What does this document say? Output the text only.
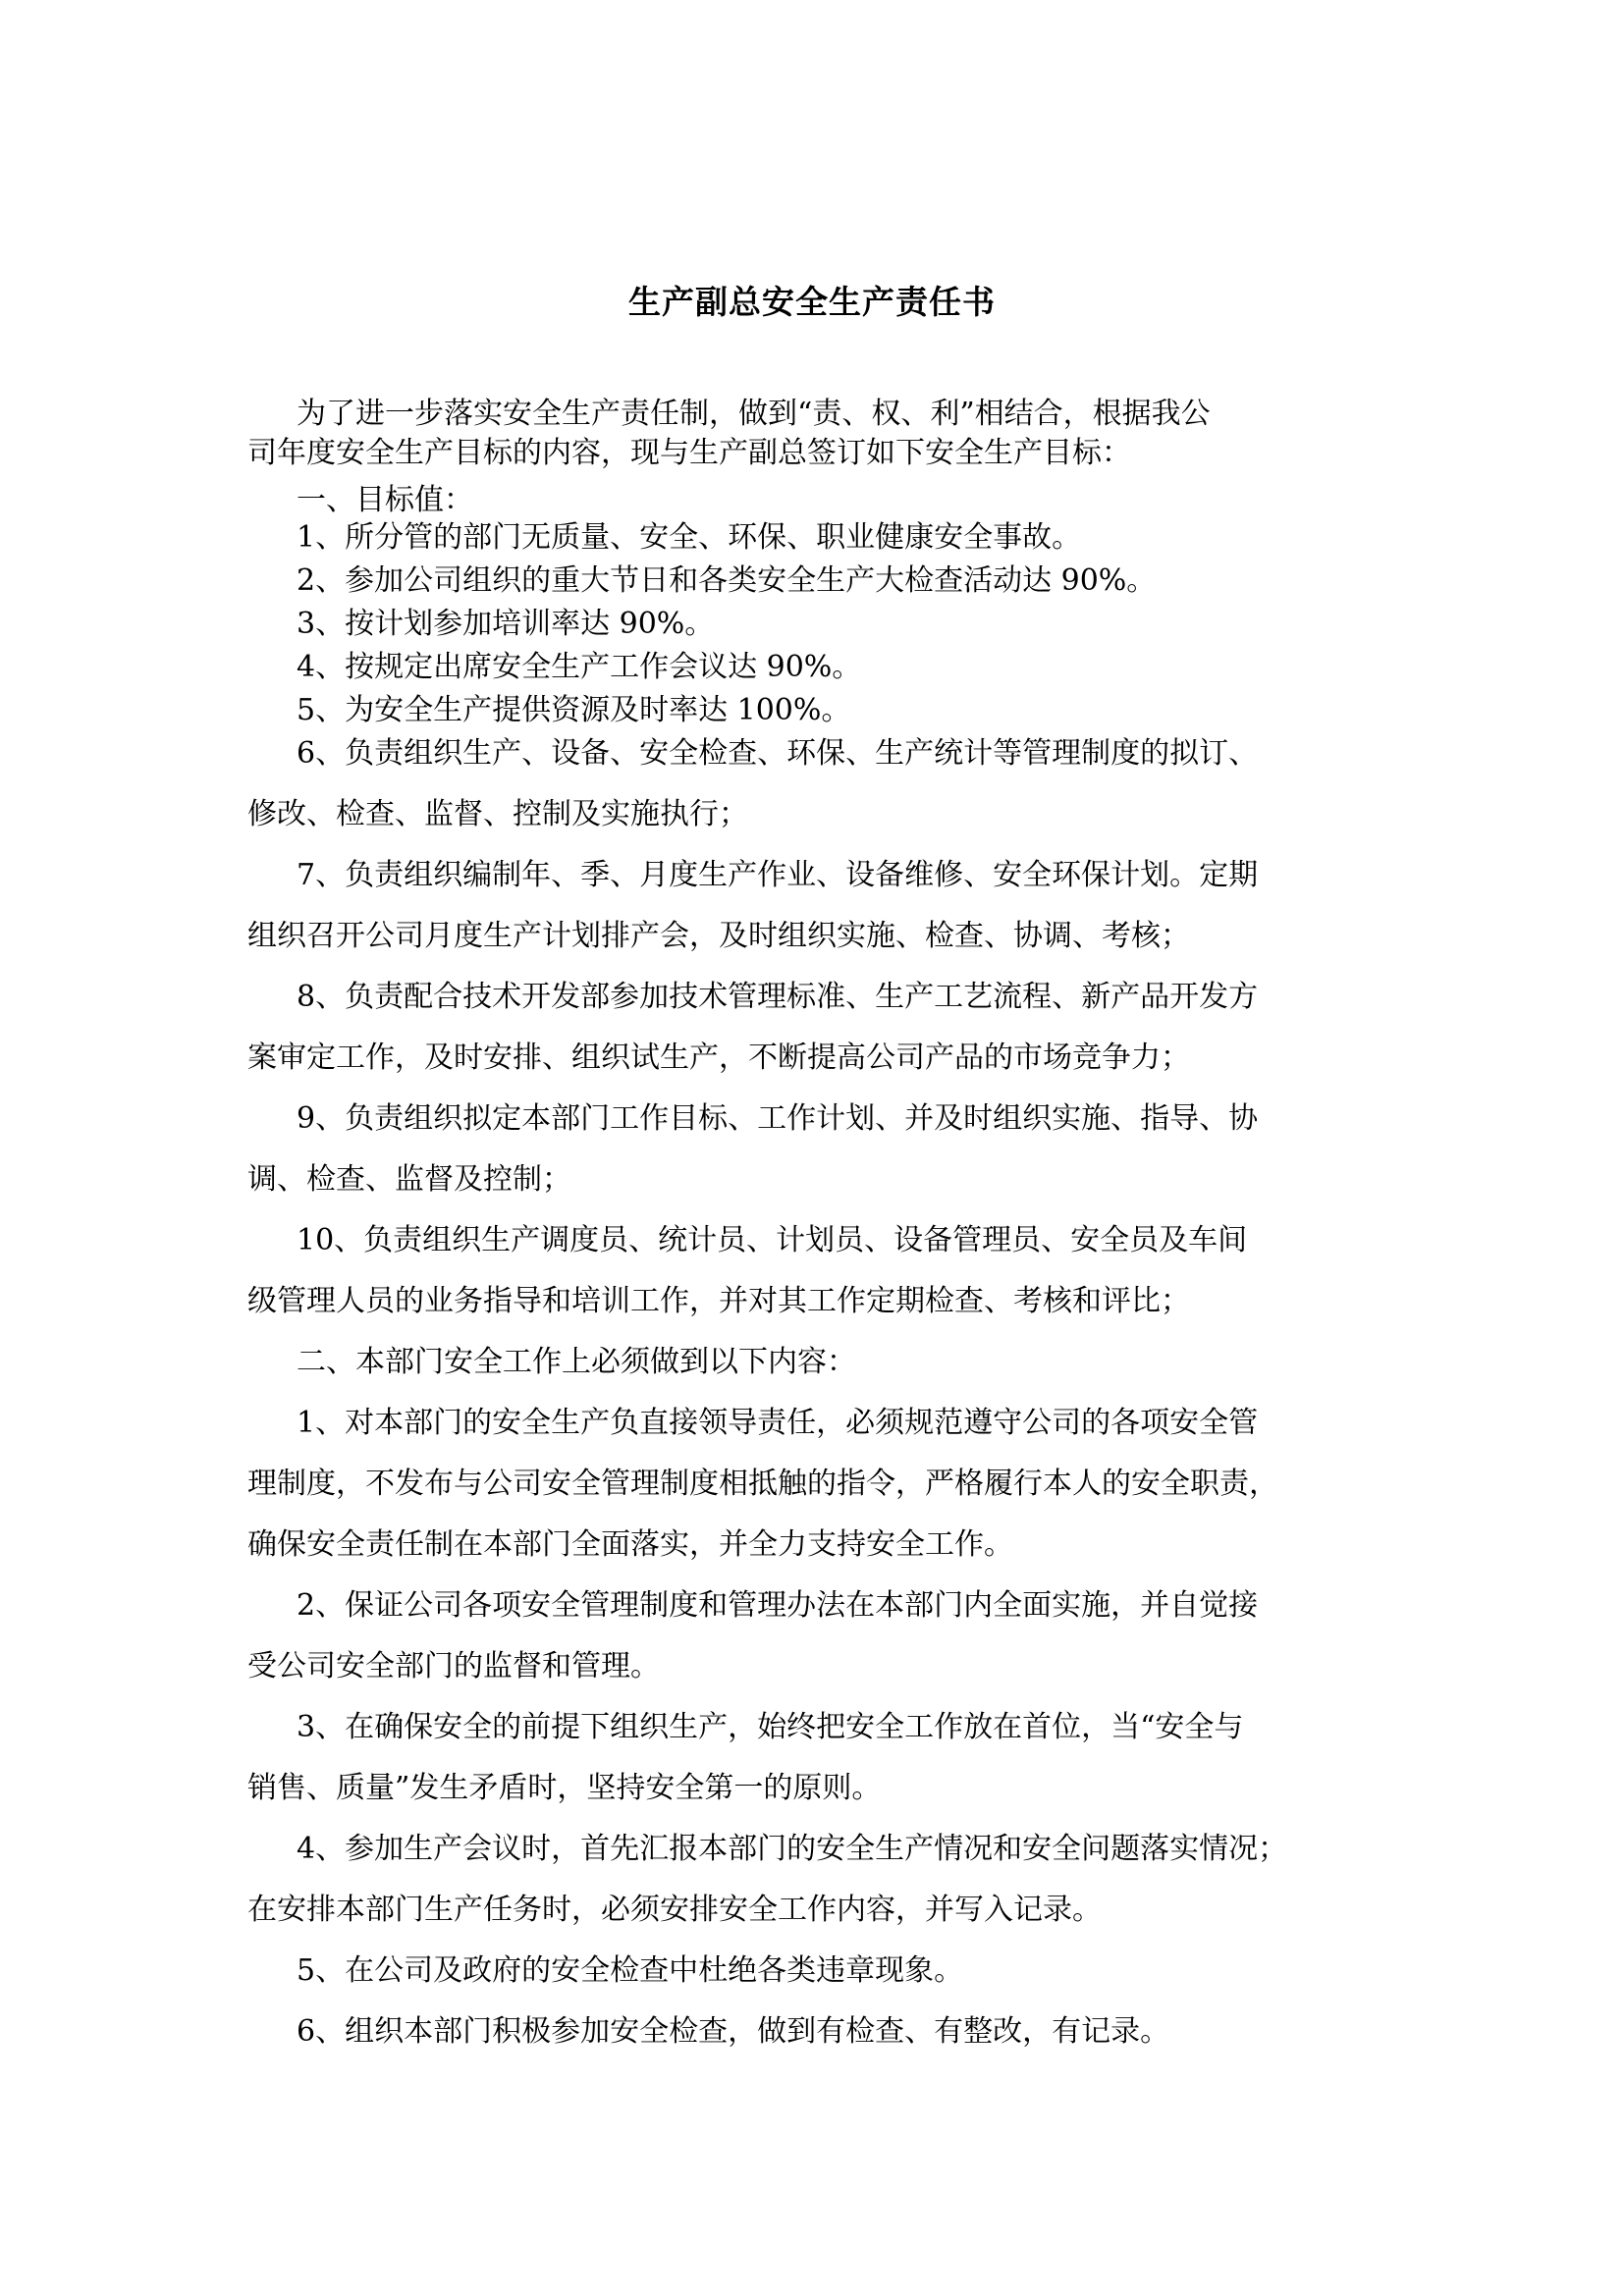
生产副总安全生产责任书
为了进一步落实安全生产责任制，做到“责、权、利”相结合，根据我公
司年度安全生产目标的内容，现与生产副总签订如下安全生产目标：
一、目标值：
1、所分管的部门无质量、安全、环保、职业健康安全事故。
2、参加公司组织的重大节日和各类安全生产大检查活动达 90%。
3、按计划参加培训率达 90%。
4、按规定出席安全生产工作会议达 90%。
5、为安全生产提供资源及时率达 100%。
6、负责组织生产、设备、安全检查、环保、生产统计等管理制度的拟订、
修改、检查、监督、控制及实施执行；
7、负责组织编制年、季、月度生产作业、设备维修、安全环保计划。定期
组织召开公司月度生产计划排产会，及时组织实施、检查、协调、考核；
8、负责配合技术开发部参加技术管理标准、生产工艺流程、新产品开发方
案审定工作，及时安排、组织试生产，不断提高公司产品的市场竞争力；
9、负责组织拟定本部门工作目标、工作计划、并及时组织实施、指导、协
调、检查、监督及控制；
10、负责组织生产调度员、统计员、计划员、设备管理员、安全员及车间
级管理人员的业务指导和培训工作，并对其工作定期检查、考核和评比；
二、本部门安全工作上必须做到以下内容：
1、对本部门的安全生产负直接领导责任，必须规范遵守公司的各项安全管
理制度，不发布与公司安全管理制度相抵触的指令，严格履行本人的安全职责，
确保安全责任制在本部门全面落实，并全力支持安全工作。
2、保证公司各项安全管理制度和管理办法在本部门内全面实施，并自觉接
受公司安全部门的监督和管理。
3、在确保安全的前提下组织生产，始终把安全工作放在首位，当“安全与
销售、质量”发生矛盾时，坚持安全第一的原则。
4、参加生产会议时，首先汇报本部门的安全生产情况和安全问题落实情况；
在安排本部门生产任务时，必须安排安全工作内容，并写入记录。
5、在公司及政府的安全检查中杜绝各类违章现象。
6、组织本部门积极参加安全检查，做到有检查、有整改，有记录。
